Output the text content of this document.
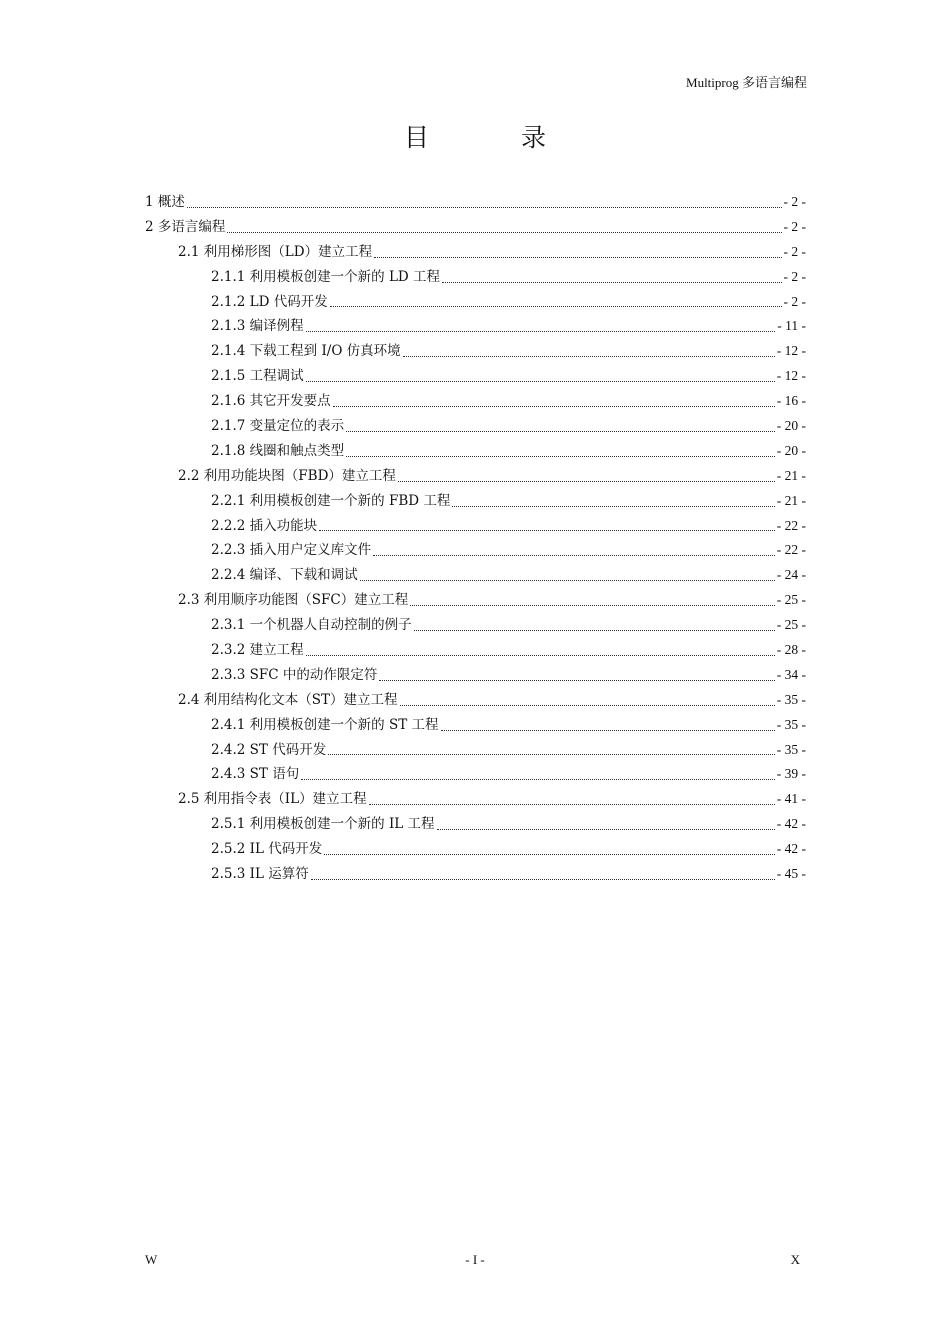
Multiprog 多语言编程
目 录
1 概述	- 2 -
2 多语言编程	- 2 -
2.1 利用梯形图（LD）建立工程	- 2 -
2.1.1 利用模板创建一个新的 LD 工程	- 2 -
2.1.2 LD 代码开发	- 2 -
2.1.3 编译例程	- 11 -
2.1.4 下载工程到 I/O 仿真环境	- 12 -
2.1.5 工程调试	- 12 -
2.1.6 其它开发要点	- 16 -
2.1.7 变量定位的表示	- 20 -
2.1.8 线圈和触点类型	- 20 -
2.2 利用功能块图（FBD）建立工程	- 21 -
2.2.1 利用模板创建一个新的 FBD 工程	- 21 -
2.2.2 插入功能块	- 22 -
2.2.3 插入用户定义库文件	- 22 -
2.2.4 编译、下载和调试	- 24 -
2.3 利用顺序功能图（SFC）建立工程	- 25 -
2.3.1 一个机器人自动控制的例子	- 25 -
2.3.2 建立工程	- 28 -
2.3.3 SFC 中的动作限定符	- 34 -
2.4 利用结构化文本（ST）建立工程	- 35 -
2.4.1 利用模板创建一个新的 ST 工程	- 35 -
2.4.2 ST 代码开发	- 35 -
2.4.3 ST 语句	- 39 -
2.5 利用指令表（IL）建立工程	- 41 -
2.5.1 利用模板创建一个新的 IL 工程	- 42 -
2.5.2 IL 代码开发	- 42 -
2.5.3 IL 运算符	- 45 -
W	- I -	X
